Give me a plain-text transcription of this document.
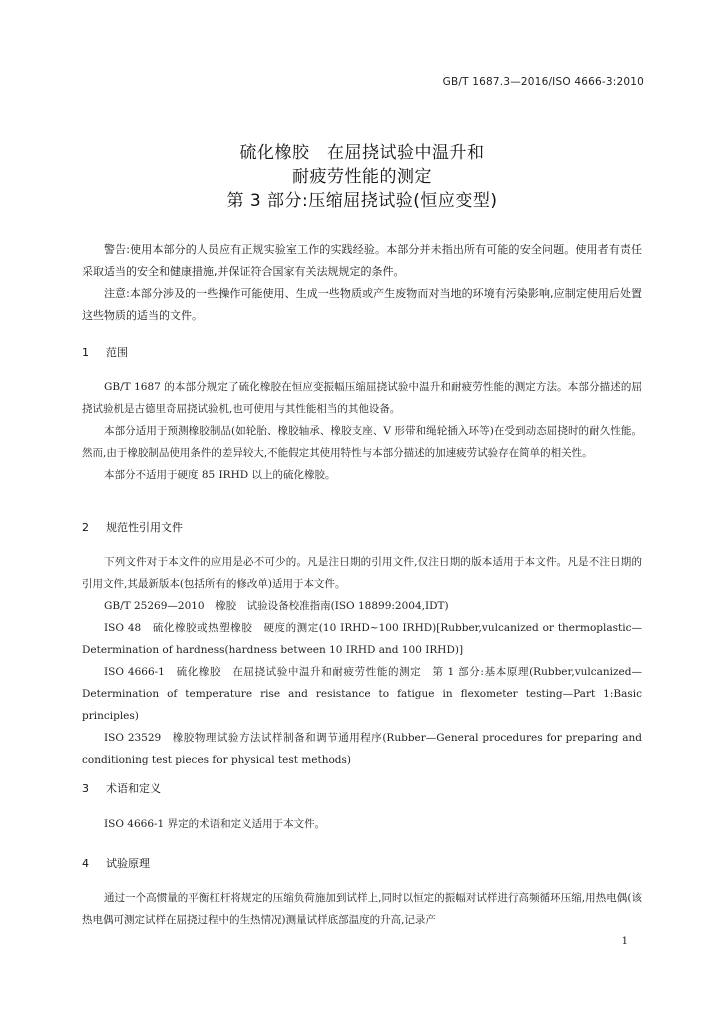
GB/T 1687.3—2016/ISO 4666-3:2010
硫化橡胶　在屈挠试验中温升和
耐疲劳性能的测定
第 3 部分:压缩屈挠试验(恒应变型)

警告:使用本部分的人员应有正规实验室工作的实践经验。本部分并未指出所有可能的安全问题。使用者有责任采取适当的安全和健康措施,并保证符合国家有关法规规定的条件。

注意:本部分涉及的一些操作可能使用、生成一些物质或产生废物而对当地的环境有污染影响,应制定使用后处置这些物质的适当的文件。

1 范围

GB/T 1687 的本部分规定了硫化橡胶在恒应变振幅压缩屈挠试验中温升和耐疲劳性能的测定方法。本部分描述的屈挠试验机是古德里奇屈挠试验机,也可使用与其性能相当的其他设备。

本部分适用于预测橡胶制品(如轮胎、橡胶轴承、橡胶支座、V 形带和绳轮插入环等)在受到动态屈挠时的耐久性能。然而,由于橡胶制品使用条件的差异较大,不能假定其使用特性与本部分描述的加速疲劳试验存在简单的相关性。

本部分不适用于硬度 85 IRHD 以上的硫化橡胶。

2 规范性引用文件

下列文件对于本文件的应用是必不可少的。凡是注日期的引用文件,仅注日期的版本适用于本文件。凡是不注日期的引用文件,其最新版本(包括所有的修改单)适用于本文件。

GB/T 25269—2010　橡胶　试验设备校准指南(ISO 18899:2004,IDT)

ISO 48　硫化橡胶或热塑橡胶　硬度的测定(10 IRHD~100 IRHD)[Rubber,vulcanized or thermoplastic—Determination of hardness(hardness between 10 IRHD and 100 IRHD)]

ISO 4666-1　硫化橡胶　在屈挠试验中温升和耐疲劳性能的测定　第 1 部分:基本原理(Rubber,vulcanized—Determination of temperature rise and resistance to fatigue in flexometer testing—Part 1:Basic principles)

ISO 23529　橡胶物理试验方法试样制备和调节通用程序(Rubber—General procedures for preparing and conditioning test pieces for physical test methods)

3 术语和定义

ISO 4666-1 界定的术语和定义适用于本文件。

4 试验原理

通过一个高惯量的平衡杠杆将规定的压缩负荷施加到试样上,同时以恒定的振幅对试样进行高频循环压缩,用热电偶(该热电偶可测定试样在屈挠过程中的生热情况)测量试样底部温度的升高,记录产

1
